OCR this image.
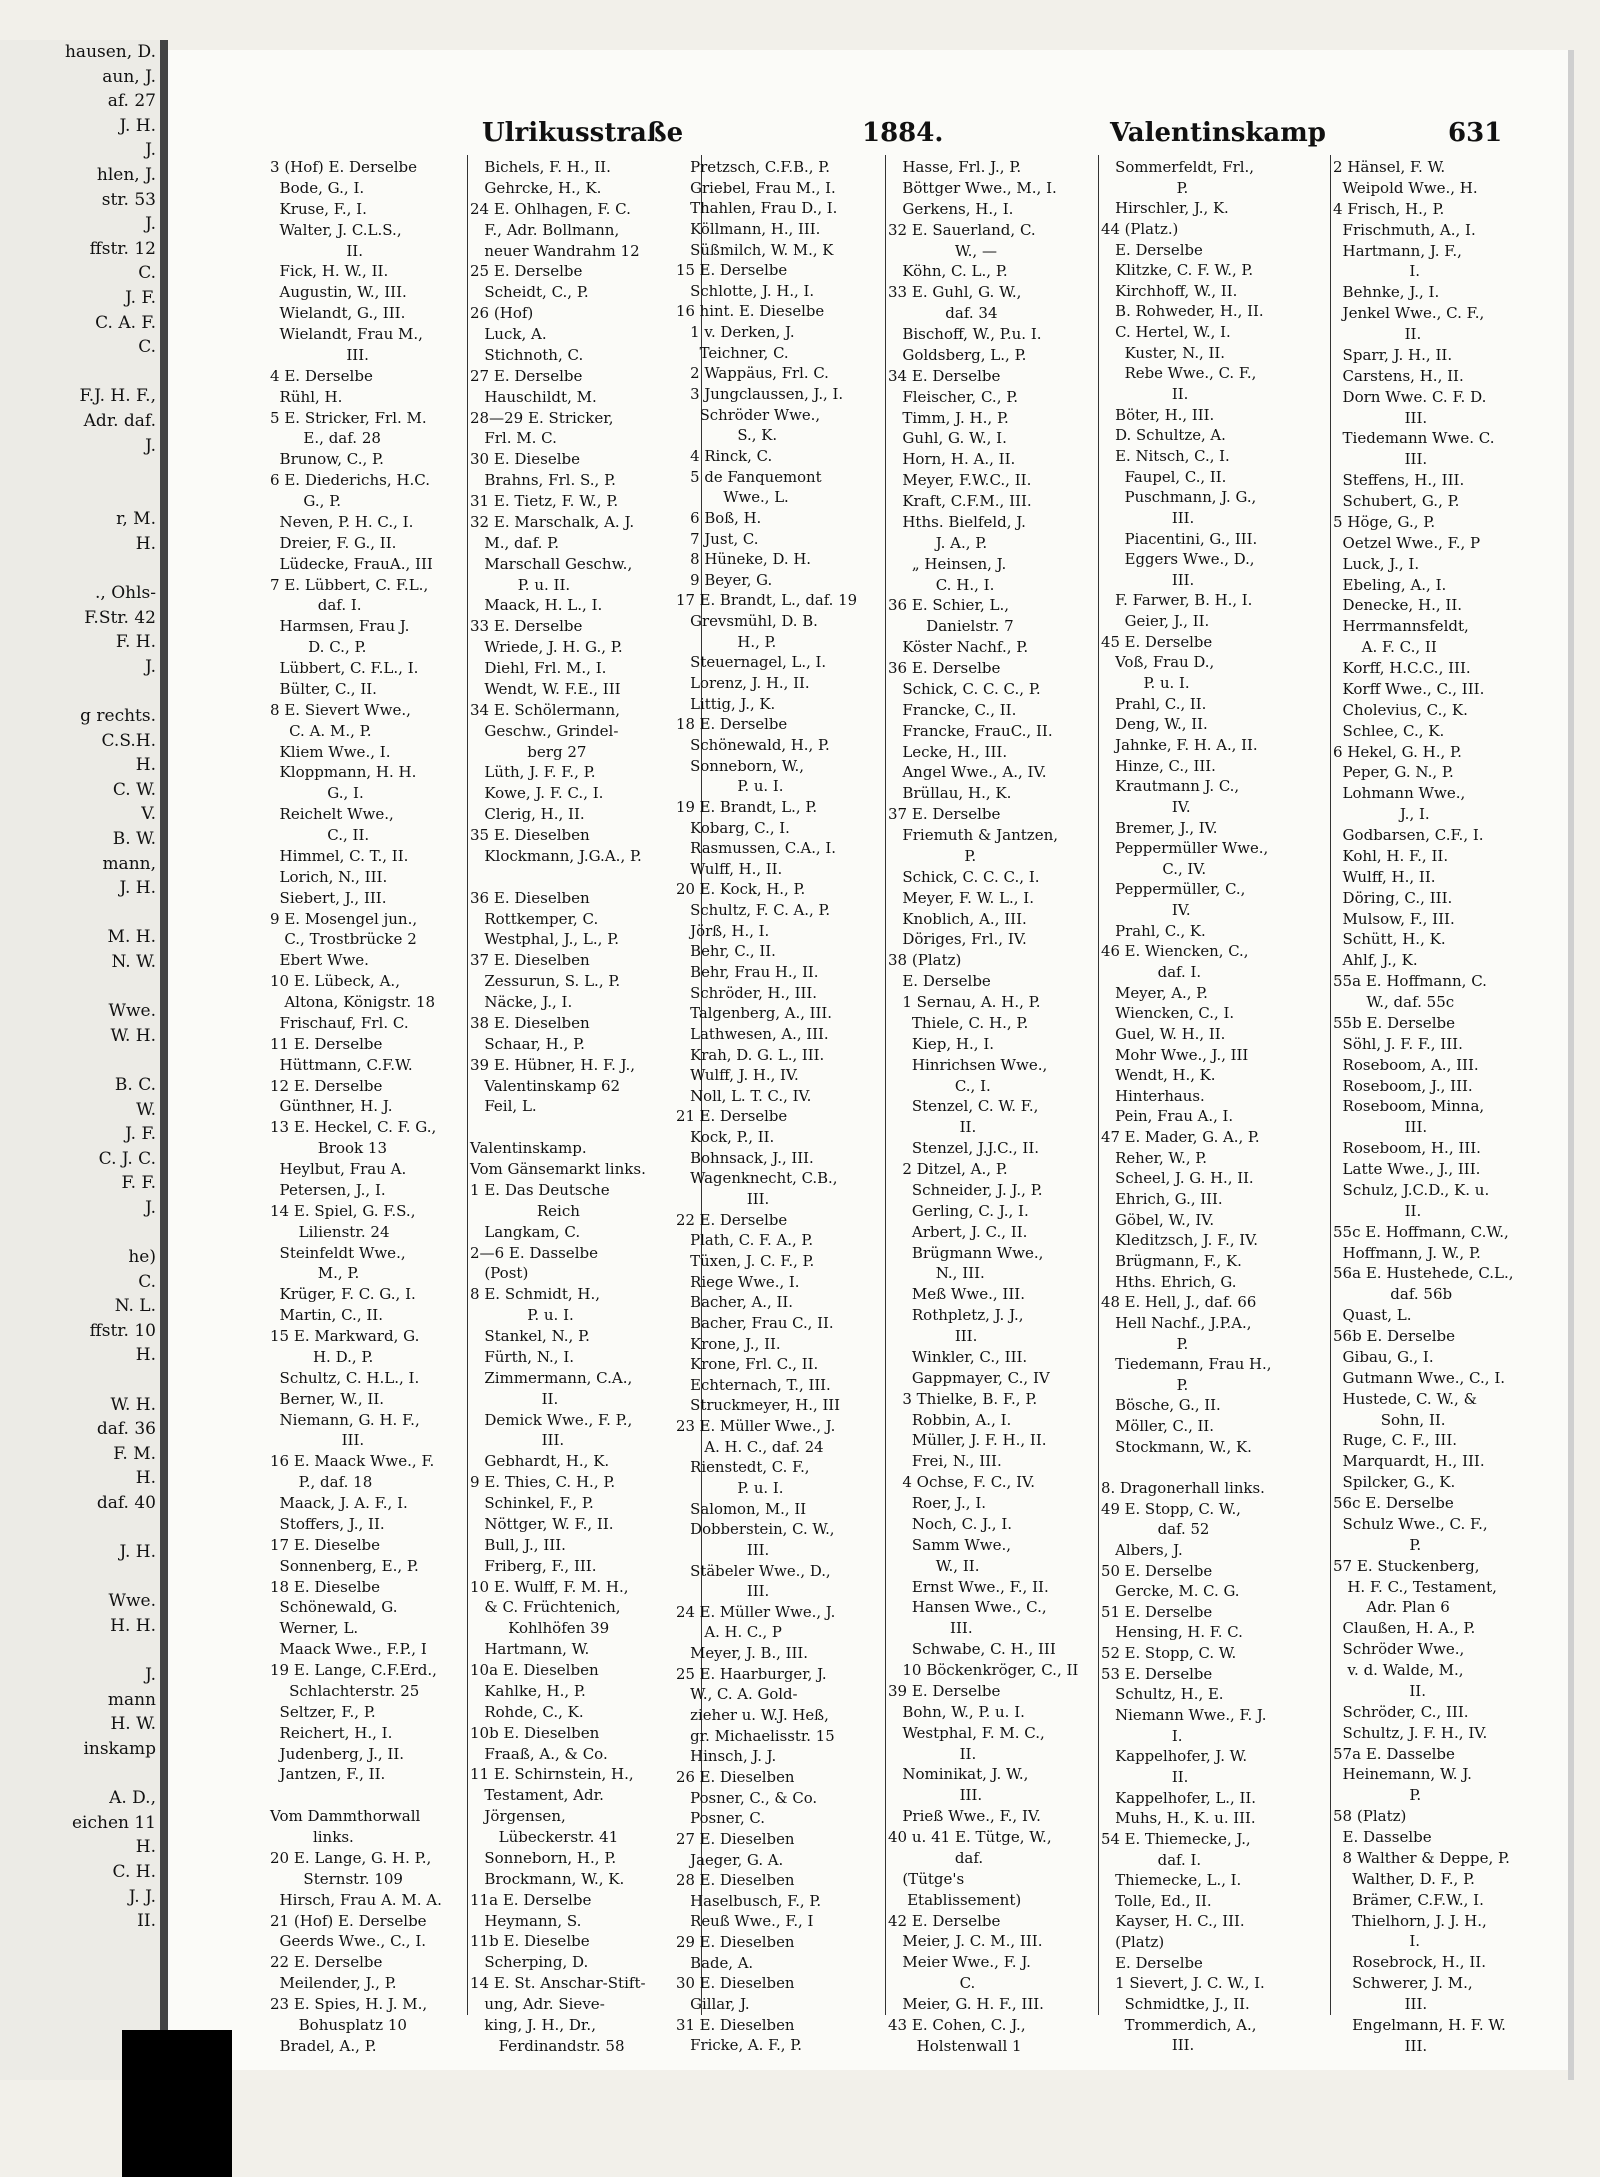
hausen, D.
aun, J.
af. 27
J. H.
J.
hlen, J.
str. 53
J.
ffstr. 12
C.
J. F.
C. A. F.
C.

F.J. H. F.,
Adr. daf.
J.

r, M.
H.

., Ohls-
F.Str. 42
F. H.
J.

g rechts.
C.S.H.
H.
C. W.
V.
B. W.
mann,
J. H.

M. H.
N. W.

Wwe.
W. H.

B. C.
W.
J. F.
C. J. C.
F. F.
J.

he)
C.
N. L.
ffstr. 10
H.

W. H.
daf. 36
F. M.
H.
daf. 40

J. H.

Wwe.
H. H.

J.
mann
H. W.
inskamp

A. D.,
eichen 11
H.
C. H.
J. J.
II.
Ulrikusstraße	1884.	Valentinskamp	631
3 (Hof) E. Derselbe
Bode, G., I.
Kruse, F., I.
Walter, J. C.L.S.,
II.
Fick, H. W., II.
Augustin, W., III.
Wielandt, G., III.
Wielandt, Frau M.,
III.
4 E. Derselbe
Rühl, H.
5 E. Stricker, Frl. M.
E., daf. 28
Brunow, C., P.
6 E. Diederichs, H.C.
G., P.
Neven, P. H. C., I.
Dreier, F. G., II.
Lüdecke, FrauA., III
7 E. Lübbert, C. F.L.,
daf. I.
Harmsen, Frau J.
D. C., P.
Lübbert, C. F.L., I.
Bülter, C., II.
8 E. Sievert Wwe.,
C. A. M., P.
Kliem Wwe., I.
Kloppmann, H. H.
G., I.
Reichelt Wwe.,
C., II.
Himmel, C. T., II.
Lorich, N., III.
Siebert, J., III.
9 E. Mosengel jun.,
C., Trostbrücke 2
Ebert Wwe.
10 E. Lübeck, A.,
Altona, Königstr. 18
Frischauf, Frl. C.
11 E. Derselbe
Hüttmann, C.F.W.
12 E. Derselbe
Günthner, H. J.
13 E. Heckel, C. F. G.,
Brook 13
Heylbut, Frau A.
Petersen, J., I.
14 E. Spiel, G. F.S.,
Lilienstr. 24
Steinfeldt Wwe.,
M., P.
Krüger, F. C. G., I.
Martin, C., II.
15 E. Markward, G.
H. D., P.
Schultz, C. H.L., I.
Berner, W., II.
Niemann, G. H. F.,
III.
16 E. Maack Wwe., F.
P., daf. 18
Maack, J. A. F., I.
Stoffers, J., II.
17 E. Dieselbe
Sonnenberg, E., P.
18 E. Dieselbe
Schönewald, G.
Werner, L.
Maack Wwe., F.P., I
19 E. Lange, C.F.Erd.,
Schlachterstr. 25
Seltzer, F., P.
Reichert, H., I.
Judenberg, J., II.
Jantzen, F., II.

Vom Dammthorwall
links.
20 E. Lange, G. H. P.,
Sternstr. 109
Hirsch, Frau A. M. A.
21 (Hof) E. Derselbe
Geerds Wwe., C., I.
22 E. Derselbe
Meilender, J., P.
23 E. Spies, H. J. M.,
Bohusplatz 10
Bradel, A., P.
Bichels, F. H., II.
Gehrcke, H., K.
24 E. Ohlhagen, F. C.
F., Adr. Bollmann,
neuer Wandrahm 12
25 E. Derselbe
Scheidt, C., P.
26 (Hof)
Luck, A.
Stichnoth, C.
27 E. Derselbe
Hauschildt, M.
28—29 E. Stricker,
Frl. M. C.
30 E. Dieselbe
Brahns, Frl. S., P.
31 E. Tietz, F. W., P.
32 E. Marschalk, A. J.
M., daf. P.
Marschall Geschw.,
P. u. II.
Maack, H. L., I.
33 E. Derselbe
Wriede, J. H. G., P.
Diehl, Frl. M., I.
Wendt, W. F.E., III
34 E. Schölermann,
Geschw., Grindel-
berg 27
Lüth, J. F. F., P.
Kowe, J. F. C., I.
Clerig, H., II.
35 E. Dieselben
Klockmann, J.G.A., P.

36 E. Dieselben
Rottkemper, C.
Westphal, J., L., P.
37 E. Dieselben
Zessurun, S. L., P.
Näcke, J., I.
38 E. Dieselben
Schaar, H., P.
39 E. Hübner, H. F. J.,
Valentinskamp 62
Feil, L.

Valentinskamp.
Vom Gänsemarkt links.
1 E. Das Deutsche
Reich
Langkam, C.
2—6 E. Dasselbe
(Post)
8 E. Schmidt, H.,
P. u. I.
Stankel, N., P.
Fürth, N., I.
Zimmermann, C.A.,
II.
Demick Wwe., F. P.,
III.
Gebhardt, H., K.
9 E. Thies, C. H., P.
Schinkel, F., P.
Nöttger, W. F., II.
Bull, J., III.
Friberg, F., III.
10 E. Wulff, F. M. H.,
& C. Früchtenich,
Kohlhöfen 39
Hartmann, W.
10a E. Dieselben
Kahlke, H., P.
Rohde, C., K.
10b E. Dieselben
Fraaß, A., & Co.
11 E. Schirnstein, H.,
Testament, Adr.
Jörgensen,
Lübeckerstr. 41
Sonneborn, H., P.
Brockmann, W., K.
11a E. Derselbe
Heymann, S.
11b E. Dieselbe
Scherping, D.
14 E. St. Anschar-Stift-
ung, Adr. Sieve-
king, J. H., Dr.,
Ferdinandstr. 58
Pretzsch, C.F.B., P.
Griebel, Frau M., I.
Thahlen, Frau D., I.
Köllmann, H., III.
Süßmilch, W. M., K
15 E. Derselbe
Schlotte, J. H., I.
16 hint. E. Dieselbe
1 v. Derken, J.
Teichner, C.
2 Wappäus, Frl. C.
3 Jungclaussen, J., I.
Schröder Wwe.,
S., K.
4 Rinck, C.
5 de Fanquemont
Wwe., L.
6 Boß, H.
7 Just, C.
8 Hüneke, D. H.
9 Beyer, G.
17 E. Brandt, L., daf. 19
Grevsmühl, D. B.
H., P.
Steuernagel, L., I.
Lorenz, J. H., II.
Littig, J., K.
18 E. Derselbe
Schönewald, H., P.
Sonneborn, W.,
P. u. I.
19 E. Brandt, L., P.
Kobarg, C., I.
Rasmussen, C.A., I.
Wulff, H., II.
20 E. Kock, H., P.
Schultz, F. C. A., P.
Jörß, H., I.
Behr, C., II.
Behr, Frau H., II.
Schröder, H., III.
Talgenberg, A., III.
Lathwesen, A., III.
Krah, D. G. L., III.
Wulff, J. H., IV.
Noll, L. T. C., IV.
21 E. Derselbe
Kock, P., II.
Bohnsack, J., III.
Wagenknecht, C.B.,
III.
22 E. Derselbe
Plath, C. F. A., P.
Tüxen, J. C. F., P.
Riege Wwe., I.
Bacher, A., II.
Bacher, Frau C., II.
Krone, J., II.
Krone, Frl. C., II.
Echternach, T., III.
Struckmeyer, H., III
23 E. Müller Wwe., J.
A. H. C., daf. 24
Rienstedt, C. F.,
P. u. I.
Salomon, M., II
Dobberstein, C. W.,
III.
Stäbeler Wwe., D.,
III.
24 E. Müller Wwe., J.
A. H. C., P
Meyer, J. B., III.
25 E. Haarburger, J.
W., C. A. Gold-
zieher u. W.J. Heß,
gr. Michaelisstr. 15
Hinsch, J. J.
26 E. Dieselben
Posner, C., & Co.
Posner, C.
27 E. Dieselben
Jaeger, G. A.
28 E. Dieselben
Haselbusch, F., P.
Reuß Wwe., F., I
29 E. Dieselben
Bade, A.
30 E. Dieselben
Gillar, J.
31 E. Dieselben
Fricke, A. F., P.
Hasse, Frl. J., P.
Böttger Wwe., M., I.
Gerkens, H., I.
32 E. Sauerland, C.
W., —
Köhn, C. L., P.
33 E. Guhl, G. W.,
daf. 34
Bischoff, W., P.u. I.
Goldsberg, L., P.
34 E. Derselbe
Fleischer, C., P.
Timm, J. H., P.
Guhl, G. W., I.
Horn, H. A., II.
Meyer, F.W.C., II.
Kraft, C.F.M., III.
Hths. Bielfeld, J.
J. A., P.
„ Heinsen, J.
C. H., I.
36 E. Schier, L.,
Danielstr. 7
Köster Nachf., P.
36 E. Derselbe
Schick, C. C. C., P.
Francke, C., II.
Francke, FrauC., II.
Lecke, H., III.
Angel Wwe., A., IV.
Brüllau, H., K.
37 E. Derselbe
Friemuth & Jantzen,
P.
Schick, C. C. C., I.
Meyer, F. W. L., I.
Knoblich, A., III.
Döriges, Frl., IV.
38 (Platz)
E. Derselbe
1 Sernau, A. H., P.
Thiele, C. H., P.
Kiep, H., I.
Hinrichsen Wwe.,
C., I.
Stenzel, C. W. F.,
II.
Stenzel, J.J.C., II.
2 Ditzel, A., P.
Schneider, J. J., P.
Gerling, C. J., I.
Arbert, J. C., II.
Brügmann Wwe.,
N., III.
Meß Wwe., III.
Rothpletz, J. J.,
III.
Winkler, C., III.
Gappmayer, C., IV
3 Thielke, B. F., P.
Robbin, A., I.
Müller, J. F. H., II.
Frei, N., III.
4 Ochse, F. C., IV.
Roer, J., I.
Noch, C. J., I.
Samm Wwe.,
W., II.
Ernst Wwe., F., II.
Hansen Wwe., C.,
III.
Schwabe, C. H., III
10 Böckenkröger, C., II
39 E. Derselbe
Bohn, W., P. u. I.
Westphal, F. M. C.,
II.
Nominikat, J. W.,
III.
Prieß Wwe., F., IV.
40 u. 41 E. Tütge, W.,
daf.
(Tütge's
Etablissement)
42 E. Derselbe
Meier, J. C. M., III.
Meier Wwe., F. J.
C.
Meier, G. H. F., III.
43 E. Cohen, C. J.,
Holstenwall 1
Sommerfeldt, Frl.,
P.
Hirschler, J., K.
44 (Platz.)
E. Derselbe
Klitzke, C. F. W., P.
Kirchhoff, W., II.
B. Rohweder, H., II.
C. Hertel, W., I.
Kuster, N., II.
Rebe Wwe., C. F.,
II.
Böter, H., III.
D. Schultze, A.
E. Nitsch, C., I.
Faupel, C., II.
Puschmann, J. G.,
III.
Piacentini, G., III.
Eggers Wwe., D.,
III.
F. Farwer, B. H., I.
Geier, J., II.
45 E. Derselbe
Voß, Frau D.,
P. u. I.
Prahl, C., II.
Deng, W., II.
Jahnke, F. H. A., II.
Hinze, C., III.
Krautmann J. C.,
IV.
Bremer, J., IV.
Peppermüller Wwe.,
C., IV.
Peppermüller, C.,
IV.
Prahl, C., K.
46 E. Wiencken, C.,
daf. I.
Meyer, A., P.
Wiencken, C., I.
Guel, W. H., II.
Mohr Wwe., J., III
Wendt, H., K.
Hinterhaus.
Pein, Frau A., I.
47 E. Mader, G. A., P.
Reher, W., P.
Scheel, J. G. H., II.
Ehrich, G., III.
Göbel, W., IV.
Kleditzsch, J. F., IV.
Brügmann, F., K.
Hths. Ehrich, G.
48 E. Hell, J., daf. 66
Hell Nachf., J.P.A.,
P.
Tiedemann, Frau H.,
P.
Bösche, G., II.
Möller, C., II.
Stockmann, W., K.

8. Dragonerhall links.
49 E. Stopp, C. W.,
daf. 52
Albers, J.
50 E. Derselbe
Gercke, M. C. G.
51 E. Derselbe
Hensing, H. F. C.
52 E. Stopp, C. W.
53 E. Derselbe
Schultz, H., E.
Niemann Wwe., F. J.
I.
Kappelhofer, J. W.
II.
Kappelhofer, L., II.
Muhs, H., K. u. III.
54 E. Thiemecke, J.,
daf. I.
Thiemecke, L., I.
Tolle, Ed., II.
Kayser, H. C., III.
(Platz)
E. Derselbe
1 Sievert, J. C. W., I.
Schmidtke, J., II.
Trommerdich, A.,
III.
2 Hänsel, F. W.
Weipold Wwe., H.
4 Frisch, H., P.
Frischmuth, A., I.
Hartmann, J. F.,
I.
Behnke, J., I.
Jenkel Wwe., C. F.,
II.
Sparr, J. H., II.
Carstens, H., II.
Dorn Wwe. C. F. D.
III.
Tiedemann Wwe. C.
III.
Steffens, H., III.
Schubert, G., P.
5 Höge, G., P.
Oetzel Wwe., F., P
Luck, J., I.
Ebeling, A., I.
Denecke, H., II.
Herrmannsfeldt,
A. F. C., II
Korff, H.C.C., III.
Korff Wwe., C., III.
Cholevius, C., K.
Schlee, C., K.
6 Hekel, G. H., P.
Peper, G. N., P.
Lohmann Wwe.,
J., I.
Godbarsen, C.F., I.
Kohl, H. F., II.
Wulff, H., II.
Döring, C., III.
Mulsow, F., III.
Schütt, H., K.
Ahlf, J., K.
55a E. Hoffmann, C.
W., daf. 55c
55b E. Derselbe
Söhl, J. F. F., III.
Roseboom, A., III.
Roseboom, J., III.
Roseboom, Minna,
III.
Roseboom, H., III.
Latte Wwe., J., III.
Schulz, J.C.D., K. u.
II.
55c E. Hoffmann, C.W.,
Hoffmann, J. W., P.
56a E. Hustehede, C.L.,
daf. 56b
Quast, L.
56b E. Derselbe
Gibau, G., I.
Gutmann Wwe., C., I.
Hustede, C. W., &
Sohn, II.
Ruge, C. F., III.
Marquardt, H., III.
Spilcker, G., K.
56c E. Derselbe
Schulz Wwe., C. F.,
P.
57 E. Stuckenberg,
H. F. C., Testament,
Adr. Plan 6
Claußen, H. A., P.
Schröder Wwe.,
v. d. Walde, M.,
II.
Schröder, C., III.
Schultz, J. F. H., IV.
57a E. Dasselbe
Heinemann, W. J.
P.
58 (Platz)
E. Dasselbe
8 Walther & Deppe, P.
Walther, D. F., P.
Brämer, C.F.W., I.
Thielhorn, J. J. H.,
I.
Rosebrock, H., II.
Schwerer, J. M.,
III.
Engelmann, H. F. W.
III.
